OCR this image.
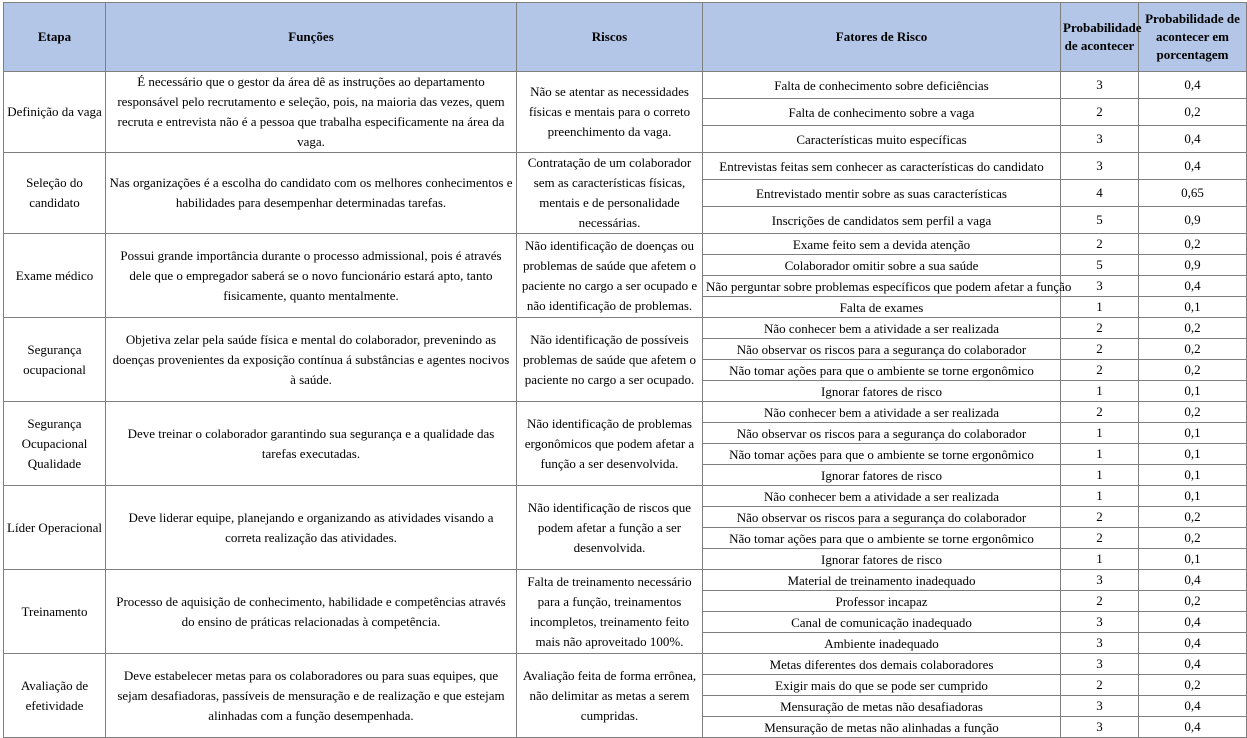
Etapa	Funções	Riscos	Fatores de Risco	Probabilidade de acontecer	Probabilidade de acontecer em porcentagem
Definição da vaga	É necessário que o gestor da área dê as instruções ao departamento responsável pelo recrutamento e seleção, pois, na maioria das vezes, quem recruta e entrevista não é a pessoa que trabalha especificamente na área da vaga.	Não se atentar as necessidades físicas e mentais para o correto preenchimento da vaga.	Falta de conhecimento sobre deficiências	3	0,4
			Falta de conhecimento sobre a vaga	2	0,2
			Características muito específicas	3	0,4
Seleção do candidato	Nas organizações é a escolha do candidato com os melhores conhecimentos e habilidades para desempenhar determinadas tarefas.	Contratação de um colaborador sem as características físicas, mentais e de personalidade necessárias.	Entrevistas feitas sem conhecer as características do candidato	3	0,4
			Entrevistado mentir sobre as suas características	4	0,65
			Inscrições de candidatos sem perfil a vaga	5	0,9
Exame médico	Possui grande importância durante o processo admissional, pois é através dele que o empregador saberá se o novo funcionário estará apto, tanto fisicamente, quanto mentalmente.	Não identificação de doenças ou problemas de saúde que afetem o paciente no cargo a ser ocupado e não identificação de problemas.	Exame feito sem a devida atenção	2	0,2
			Colaborador omitir sobre a sua saúde	5	0,9
			Não perguntar sobre problemas específicos que podem afetar a função	3	0,4
			Falta de exames	1	0,1
Segurança ocupacional	Objetiva zelar pela saúde física e mental do colaborador, prevenindo as doenças provenientes da exposição contínua á substâncias e agentes nocivos à saúde.	Não identificação de possíveis problemas de saúde que afetem o paciente no cargo a ser ocupado.	Não conhecer bem a atividade a ser realizada	2	0,2
			Não observar os riscos para a segurança do colaborador	2	0,2
			Não tomar ações para que o ambiente se torne ergonômico	2	0,2
			Ignorar fatores de risco	1	0,1
Segurança Ocupacional Qualidade	Deve treinar o colaborador garantindo sua segurança e a qualidade das tarefas executadas.	Não identificação de problemas ergonômicos que podem afetar a função a ser desenvolvida.	Não conhecer bem a atividade a ser realizada	2	0,2
			Não observar os riscos para a segurança do colaborador	1	0,1
			Não tomar ações para que o ambiente se torne ergonômico	1	0,1
			Ignorar fatores de risco	1	0,1
Líder Operacional	Deve liderar equipe, planejando e organizando as atividades visando a correta realização das atividades.	Não identificação de riscos que podem afetar a função a ser desenvolvida.	Não conhecer bem a atividade a ser realizada	1	0,1
			Não observar os riscos para a segurança do colaborador	2	0,2
			Não tomar ações para que o ambiente se torne ergonômico	2	0,2
			Ignorar fatores de risco	1	0,1
Treinamento	Processo de aquisição de conhecimento, habilidade e competências através do ensino de práticas relacionadas à competência.	Falta de treinamento necessário para a função, treinamentos incompletos, treinamento feito mais não aproveitado 100%.	Material de treinamento inadequado	3	0,4
			Professor incapaz	2	0,2
			Canal de comunicação inadequado	3	0,4
			Ambiente inadequado	3	0,4
Avaliação de efetividade	Deve estabelecer metas para os colaboradores ou para suas equipes, que sejam desafiadoras, passíveis de mensuração e de realização e que estejam alinhadas com a função desempenhada.	Avaliação feita de forma errônea, não delimitar as metas a serem cumpridas.	Metas diferentes dos demais colaboradores	3	0,4
			Exigir mais do que se pode ser cumprido	2	0,2
			Mensuração de metas não desafiadoras	3	0,4
			Mensuração de metas não alinhadas a função	3	0,4
